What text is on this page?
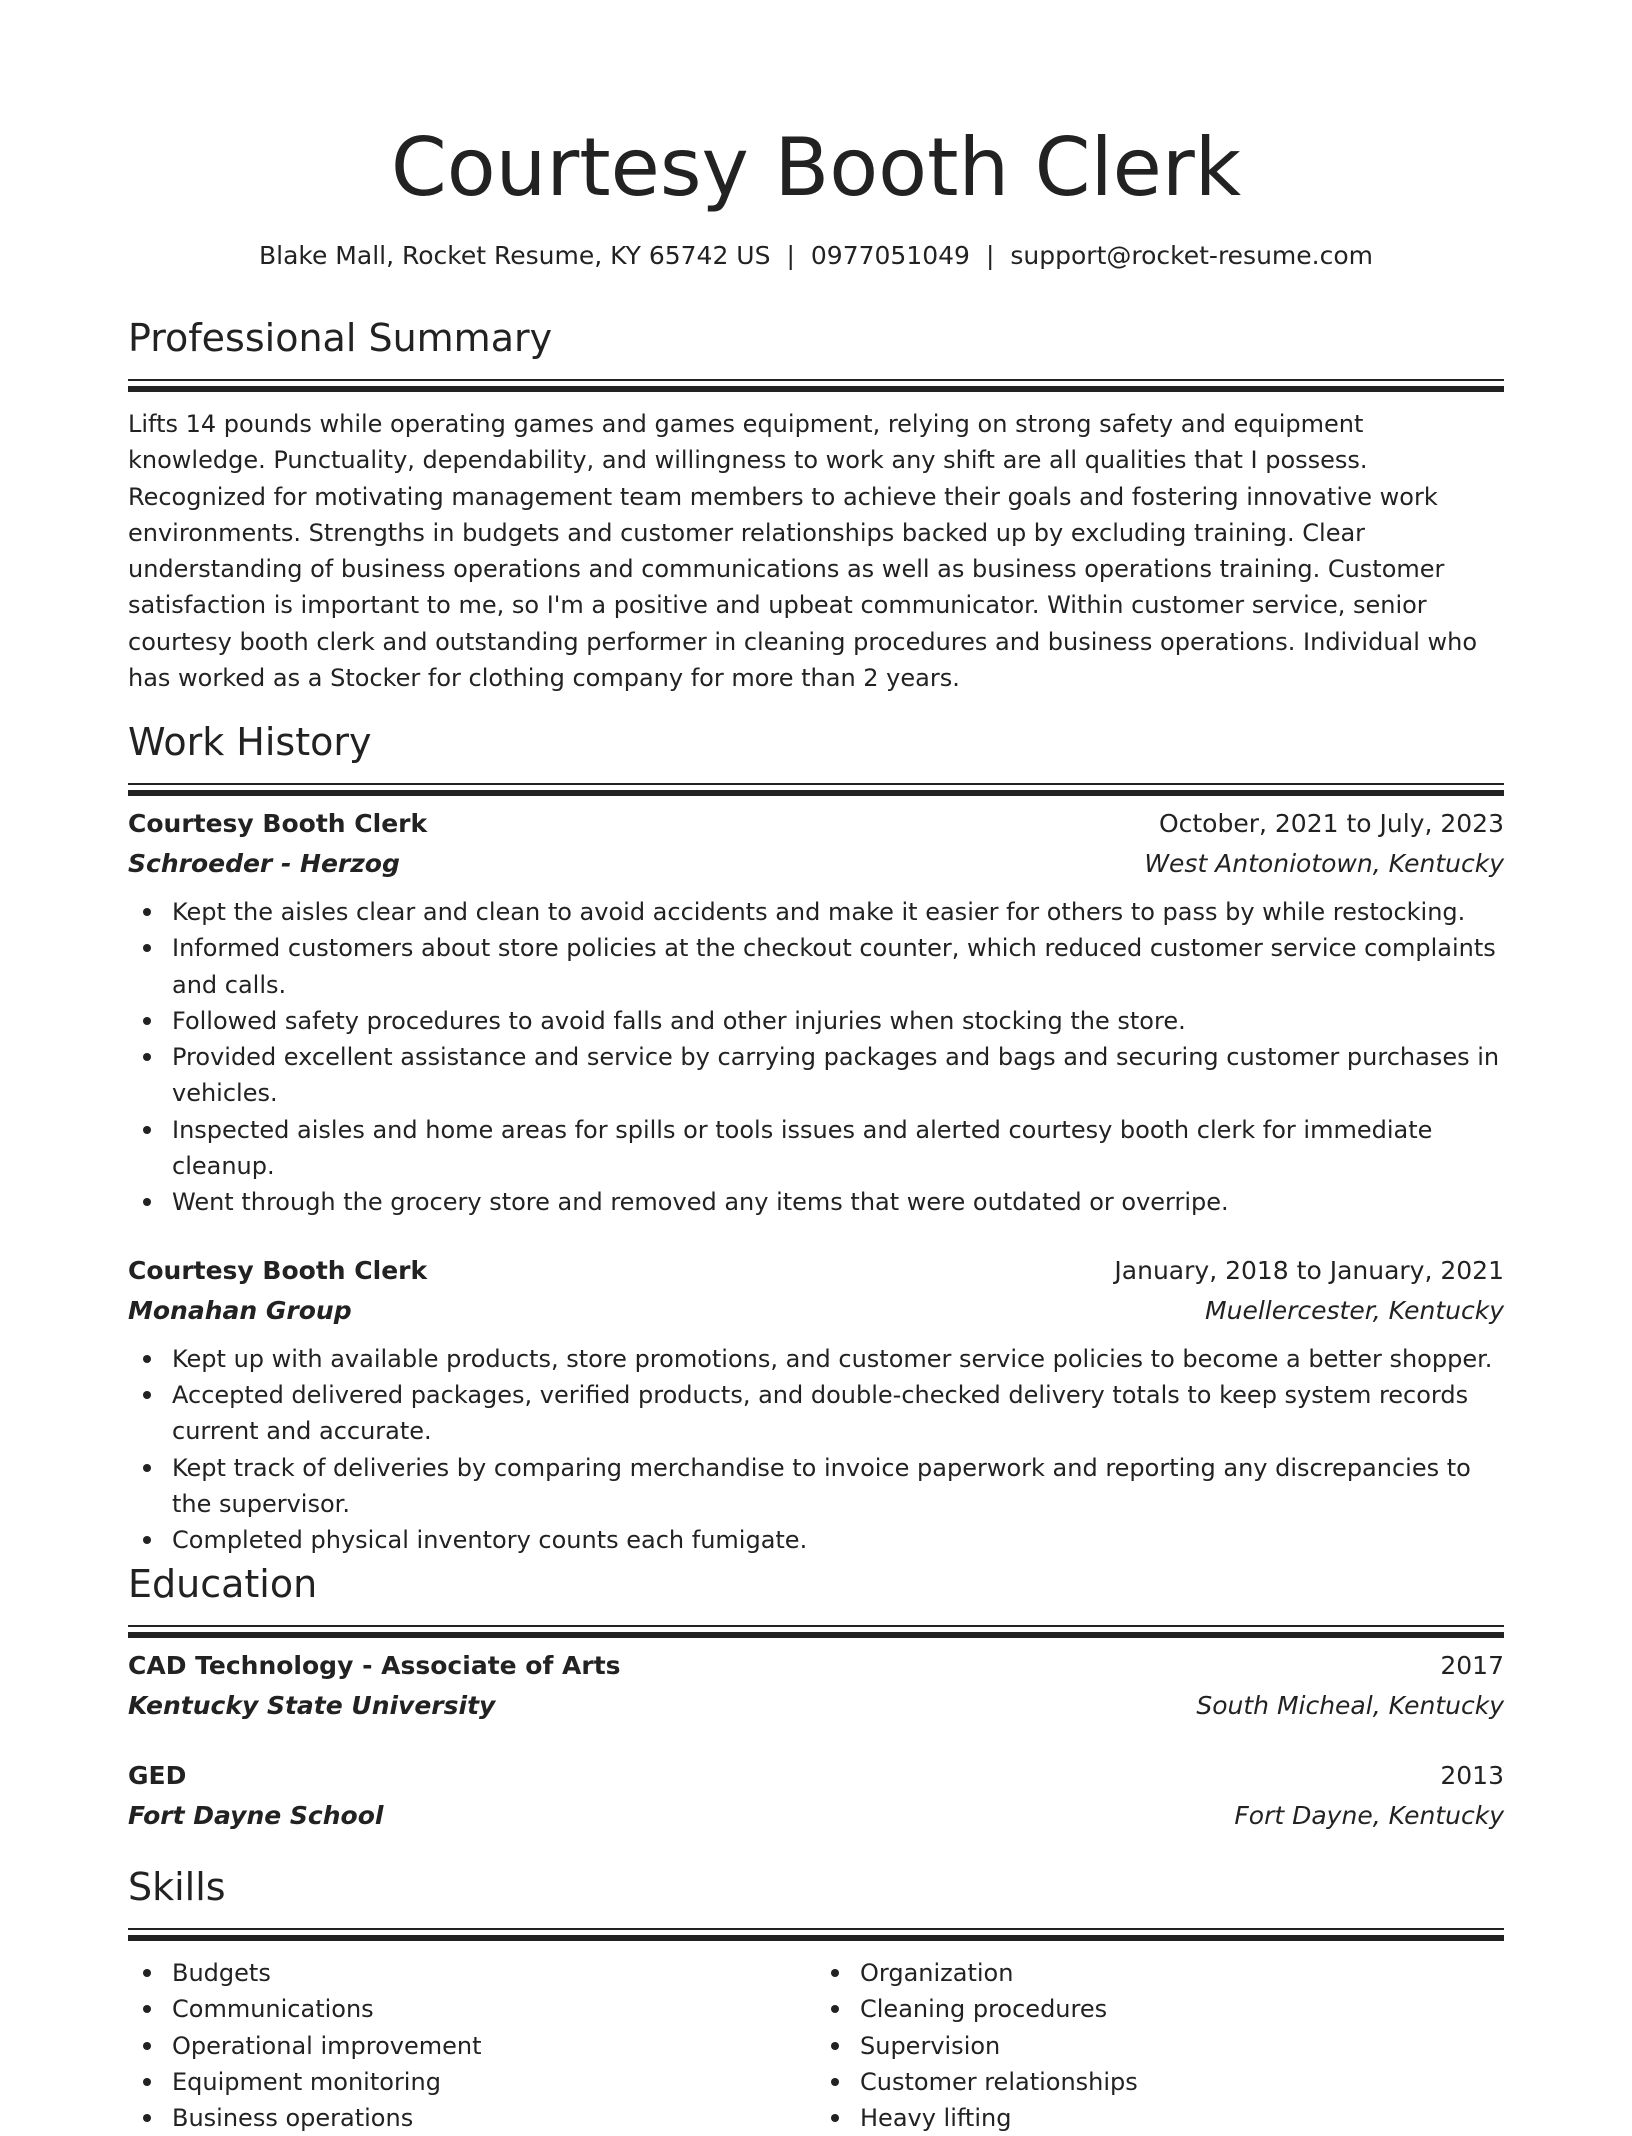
Courtesy Booth Clerk
Blake Mall, Rocket Resume, KY 65742 US | 0977051049 | support@rocket-resume.com
Professional Summary

Lifts 14 pounds while operating games and games equipment, relying on strong safety and equipment knowledge. Punctuality, dependability, and willingness to work any shift are all qualities that I possess. Recognized for motivating management team members to achieve their goals and fostering innovative work environments. Strengths in budgets and customer relationships backed up by excluding training. Clear understanding of business operations and communications as well as business operations training. Customer satisfaction is important to me, so I'm a positive and upbeat communicator. Within customer service, senior courtesy booth clerk and outstanding performer in cleaning procedures and business operations. Individual who has worked as a Stocker for clothing company for more than 2 years.

Work History
Courtesy Booth Clerk	October, 2021 to July, 2023
Schroeder - Herzog	West Antoniotown, Kentucky
Kept the aisles clear and clean to avoid accidents and make it easier for others to pass by while restocking.
Informed customers about store policies at the checkout counter, which reduced customer service complaints and calls.
Followed safety procedures to avoid falls and other injuries when stocking the store.
Provided excellent assistance and service by carrying packages and bags and securing customer purchases in vehicles.
Inspected aisles and home areas for spills or tools issues and alerted courtesy booth clerk for immediate cleanup.
Went through the grocery store and removed any items that were outdated or overripe.
Courtesy Booth Clerk	January, 2018 to January, 2021
Monahan Group	Muellercester, Kentucky
Kept up with available products, store promotions, and customer service policies to become a better shopper.
Accepted delivered packages, verified products, and double-checked delivery totals to keep system records current and accurate.
Kept track of deliveries by comparing merchandise to invoice paperwork and reporting any discrepancies to the supervisor.
Completed physical inventory counts each fumigate.
Education
CAD Technology - Associate of Arts	2017
Kentucky State University	South Micheal, Kentucky
GED	2013
Fort Dayne School	Fort Dayne, Kentucky
Skills
Budgets
Communications
Operational improvement
Equipment monitoring
Business operations
Organization
Cleaning procedures
Supervision
Customer relationships
Heavy lifting
